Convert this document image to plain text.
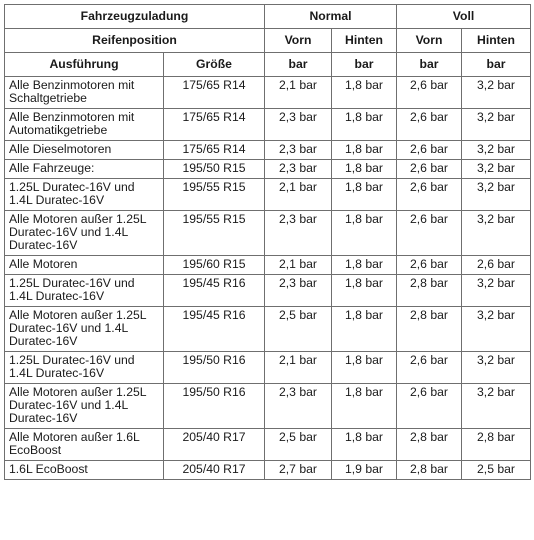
Fahrzeugzuladung		Normal		Voll	
Reifenposition		Vorn	Hinten	Vorn	Hinten
Ausführung	Größe	bar	bar	bar	bar

Alle Benzinmotoren mit
Schaltgetriebe	175/65 R14	2,1 bar	1,8 bar	2,6 bar	3,2 bar

Alle Benzinmotoren mit
Automatikgetriebe	175/65 R14	2,3 bar	1,8 bar	2,6 bar	3,2 bar

Alle Dieselmotoren	175/65 R14	2,3 bar	1,8 bar	2,6 bar	3,2 bar

Alle Fahrzeuge:	195/50 R15	2,3 bar	1,8 bar	2,6 bar	3,2 bar

1.25L Duratec-16V und
1.4L Duratec-16V	195/55 R15	2,1 bar	1,8 bar	2,6 bar	3,2 bar

Alle Motoren außer 1.25L
Duratec-16V und 1.4L
Duratec-16V	195/55 R15	2,3 bar	1,8 bar	2,6 bar	3,2 bar

Alle Motoren	195/60 R15	2,1 bar	1,8 bar	2,6 bar	2,6 bar

1.25L Duratec-16V und
1.4L Duratec-16V	195/45 R16	2,3 bar	1,8 bar	2,8 bar	3,2 bar

Alle Motoren außer 1.25L
Duratec-16V und 1.4L
Duratec-16V	195/45 R16	2,5 bar	1,8 bar	2,8 bar	3,2 bar

1.25L Duratec-16V und
1.4L Duratec-16V	195/50 R16	2,1 bar	1,8 bar	2,6 bar	3,2 bar

Alle Motoren außer 1.25L
Duratec-16V und 1.4L
Duratec-16V	195/50 R16	2,3 bar	1,8 bar	2,6 bar	3,2 bar

Alle Motoren außer 1.6L
EcoBoost	205/40 R17	2,5 bar	1,8 bar	2,8 bar	2,8 bar

1.6L EcoBoost	205/40 R17	2,7 bar	1,9 bar	2,8 bar	2,5 bar
